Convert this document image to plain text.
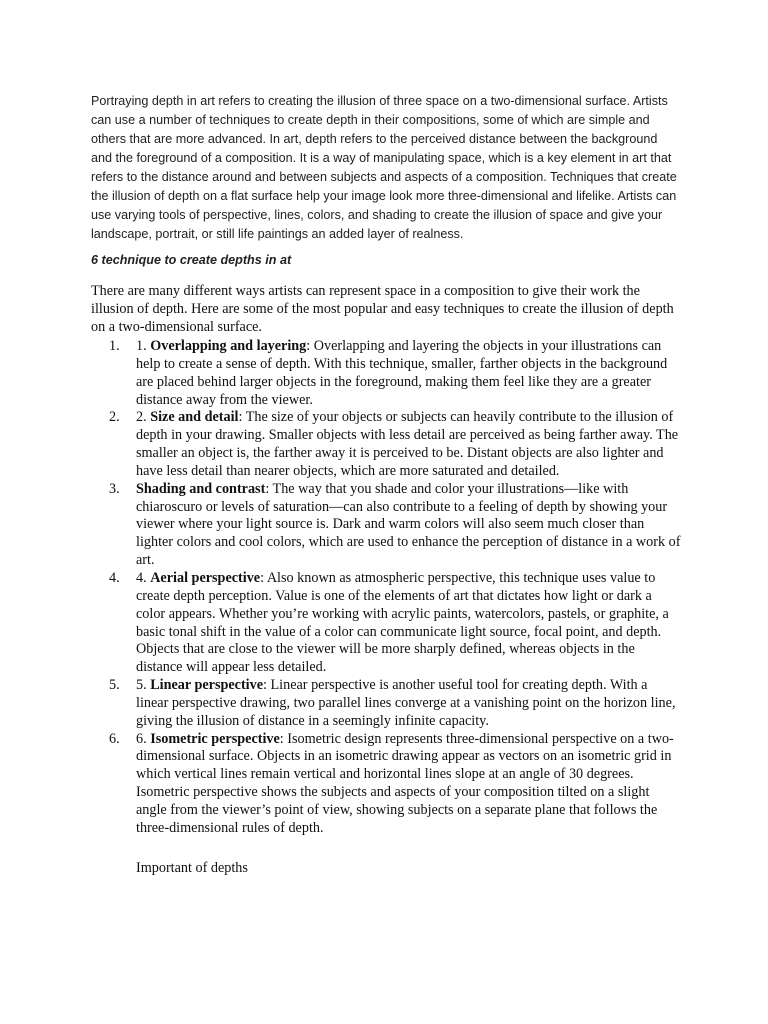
Portraying depth in art refers to creating the illusion of three space on a two-dimensional surface. Artists can use a number of techniques to create depth in their compositions, some of which are simple and others that are more advanced. In art, depth refers to the perceived distance between the background and the foreground of a composition. It is a way of manipulating space, which is a key element in art that refers to the distance around and between subjects and aspects of a composition. Techniques that create the illusion of depth on a flat surface help your image look more three-dimensional and lifelike. Artists can use varying tools of perspective, lines, colors, and shading to create the illusion of space and give your landscape, portrait, or still life paintings an added layer of realness.

6 technique to create depths in at

There are many different ways artists can represent space in a composition to give their work the illusion of depth. Here are some of the most popular and easy techniques to create the illusion of depth on a two-dimensional surface.

1. 1. Overlapping and layering: Overlapping and layering the objects in your illustrations can help to create a sense of depth. With this technique, smaller, farther objects in the background are placed behind larger objects in the foreground, making them feel like they are a greater distance away from the viewer.
2. 2. Size and detail: The size of your objects or subjects can heavily contribute to the illusion of depth in your drawing. Smaller objects with less detail are perceived as being farther away. The smaller an object is, the farther away it is perceived to be. Distant objects are also lighter and have less detail than nearer objects, which are more saturated and detailed.
3. Shading and contrast: The way that you shade and color your illustrations—like with chiaroscuro or levels of saturation—can also contribute to a feeling of depth by showing your viewer where your light source is. Dark and warm colors will also seem much closer than lighter colors and cool colors, which are used to enhance the perception of distance in a work of art.
4. 4. Aerial perspective: Also known as atmospheric perspective, this technique uses value to create depth perception. Value is one of the elements of art that dictates how light or dark a color appears. Whether you’re working with acrylic paints, watercolors, pastels, or graphite, a basic tonal shift in the value of a color can communicate light source, focal point, and depth. Objects that are close to the viewer will be more sharply defined, whereas objects in the distance will appear less detailed.
5. 5. Linear perspective: Linear perspective is another useful tool for creating depth. With a linear perspective drawing, two parallel lines converge at a vanishing point on the horizon line, giving the illusion of distance in a seemingly infinite capacity.
6. 6. Isometric perspective: Isometric design represents three-dimensional perspective on a two-dimensional surface. Objects in an isometric drawing appear as vectors on an isometric grid in which vertical lines remain vertical and horizontal lines slope at an angle of 30 degrees. Isometric perspective shows the subjects and aspects of your composition tilted on a slight angle from the viewer’s point of view, showing subjects on a separate plane that follows the three-dimensional rules of depth.

Important of depths
